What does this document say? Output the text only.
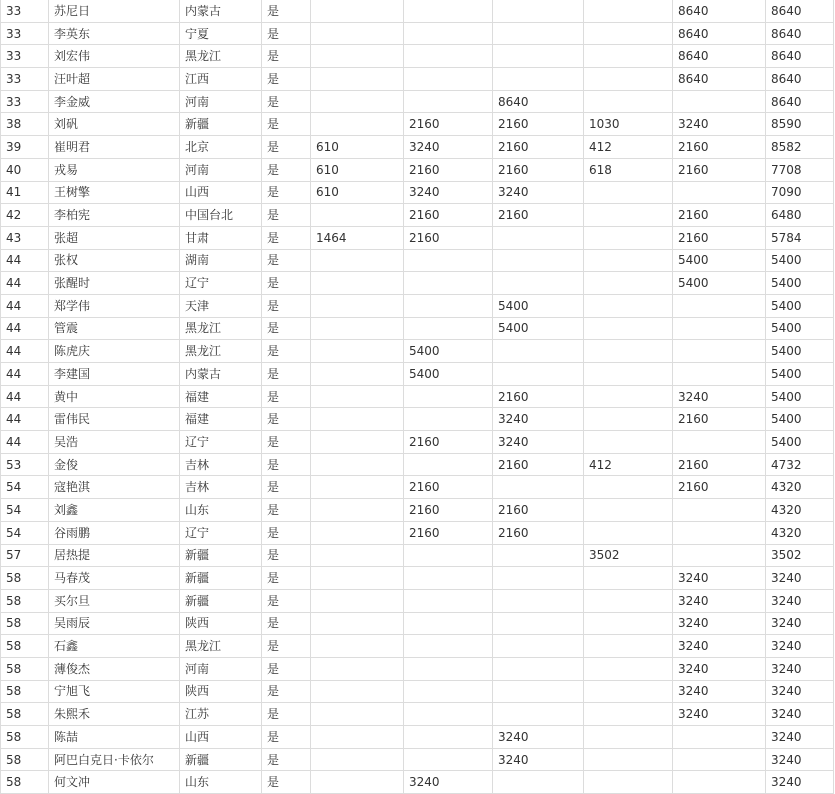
33	苏尼日	内蒙古	是					8640	8640
33	李英东	宁夏	是					8640	8640
33	刘宏伟	黑龙江	是					8640	8640
33	汪叶超	江西	是					8640	8640
33	李金威	河南	是			8640			8640
38	刘矾	新疆	是		2160	2160	1030	3240	8590
39	崔明君	北京	是	610	3240	2160	412	2160	8582
40	戎易	河南	是	610	2160	2160	618	2160	7708
41	王树擎	山西	是	610	3240	3240			7090
42	李柏宪	中国台北	是		2160	2160		2160	6480
43	张超	甘肃	是	1464	2160			2160	5784
44	张权	湖南	是					5400	5400
44	张醒时	辽宁	是					5400	5400
44	郑学伟	天津	是			5400			5400
44	管震	黑龙江	是			5400			5400
44	陈虎庆	黑龙江	是		5400				5400
44	李建国	内蒙古	是		5400				5400
44	黄中	福建	是			2160		3240	5400
44	雷伟民	福建	是			3240		2160	5400
44	吴浩	辽宁	是		2160	3240			5400
53	金俊	吉林	是			2160	412	2160	4732
54	寇艳淇	吉林	是		2160			2160	4320
54	刘鑫	山东	是		2160	2160			4320
54	谷雨鹏	辽宁	是		2160	2160			4320
57	居热提	新疆	是				3502		3502
58	马春茂	新疆	是					3240	3240
58	买尔旦	新疆	是					3240	3240
58	吴雨辰	陕西	是					3240	3240
58	石鑫	黑龙江	是					3240	3240
58	薄俊杰	河南	是					3240	3240
58	宁旭飞	陕西	是					3240	3240
58	朱熙禾	江苏	是					3240	3240
58	陈喆	山西	是			3240			3240
58	阿巴白克日·卡依尔	新疆	是			3240			3240
58	何文冲	山东	是		3240				3240
